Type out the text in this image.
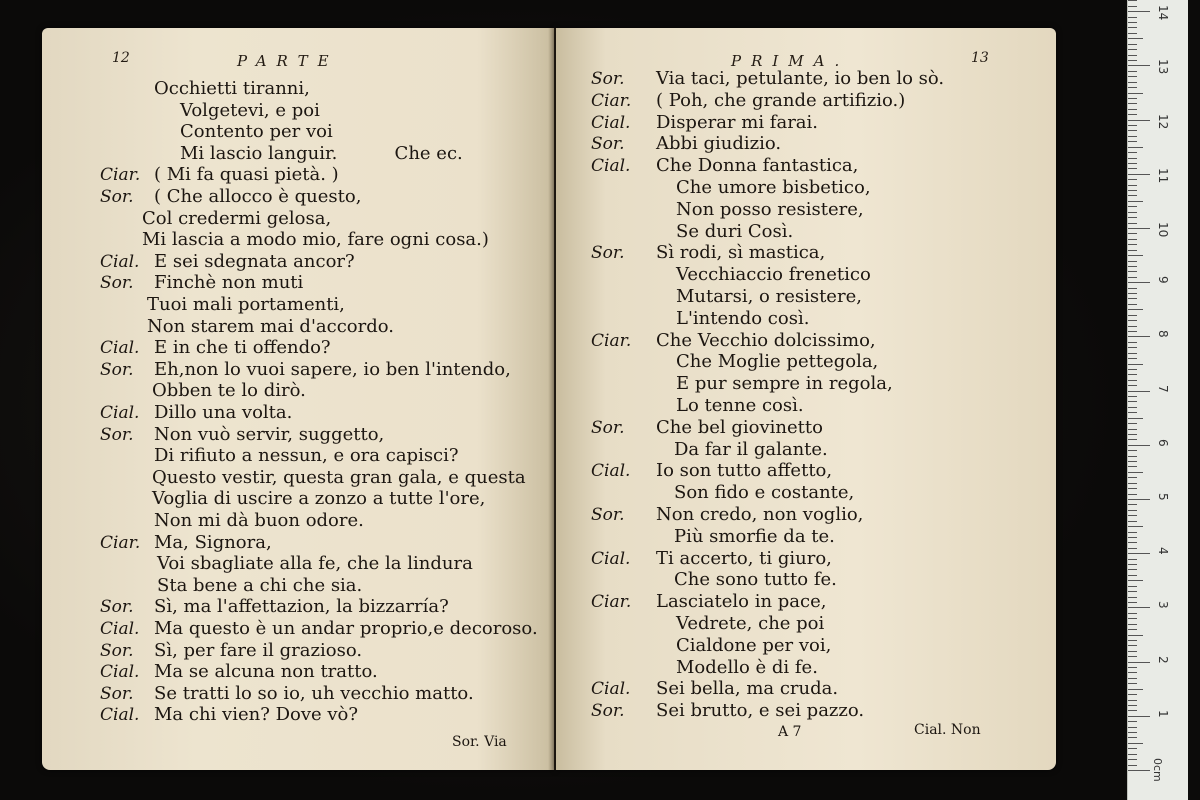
12	PARTE
Occhietti tiranni,
Volgetevi, e poi
Contento per voi
Mi lascio languir.          Che ec.
Ciar. ( Mi fa quasi pietà. )
Sor. ( Che allocco è questo,
Col credermi gelosa,
Mi lascia a modo mio, fare ogni cosa.)
Cial. E sei sdegnata ancor?
Sor. Finchè non muti
Tuoi mali portamenti,
Non starem mai d'accordo.
Cial. E in che ti offendo?
Sor. Eh,non lo vuoi sapere, io ben l'intendo,
Obben te lo dirò.
Cial. Dillo una volta.
Sor. Non vuò servir, suggetto,
Di rifiuto a nessun, e ora capisci?
Questo vestir, questa gran gala, e questa
Voglia di uscire a zonzo a tutte l'ore,
Non mi dà buon odore.
Ciar. Ma, Signora,
Voi sbagliate alla fe, che la lindura
Sta bene a chi che sia.
Sor. Sì, ma l'affettazion, la bizzarría?
Cial. Ma questo è un andar proprio,e decoroso.
Sor. Sì, per fare il grazioso.
Cial. Ma se alcuna non tratto.
Sor. Se tratti lo so io, uh vecchio matto.
Cial. Ma chi vien? Dove vò?
Sor. Via
PRIMA.	13
Sor. Via taci, petulante, io ben lo sò.
Ciar. ( Poh, che grande artifizio.)
Cial. Disperar mi farai.
Sor. Abbi giudizio.
Cial. Che Donna fantastica,
Che umore bisbetico,
Non posso resistere,
Se duri Così.
Sor. Sì rodi, sì mastica,
Vecchiaccio frenetico
Mutarsi, o resistere,
L'intendo così.
Ciar. Che Vecchio dolcissimo,
Che Moglie pettegola,
E pur sempre in regola,
Lo tenne così.
Sor. Che bel giovinetto
Da far il galante.
Cial. Io son tutto affetto,
Son fido e costante,
Sor. Non credo, non voglio,
Più smorfie da te.
Cial. Ti accerto, ti giuro,
Che sono tutto fe.
Ciar. Lasciatelo in pace,
Vedrete, che poi
Cialdone per voi,
Modello è di fe.
Cial. Sei bella, ma cruda.
Sor. Sei brutto, e sei pazzo.
A 7	Cial. Non
0cm
14
13
12
11
10
9
8
7
6
5
4
3
2
1
